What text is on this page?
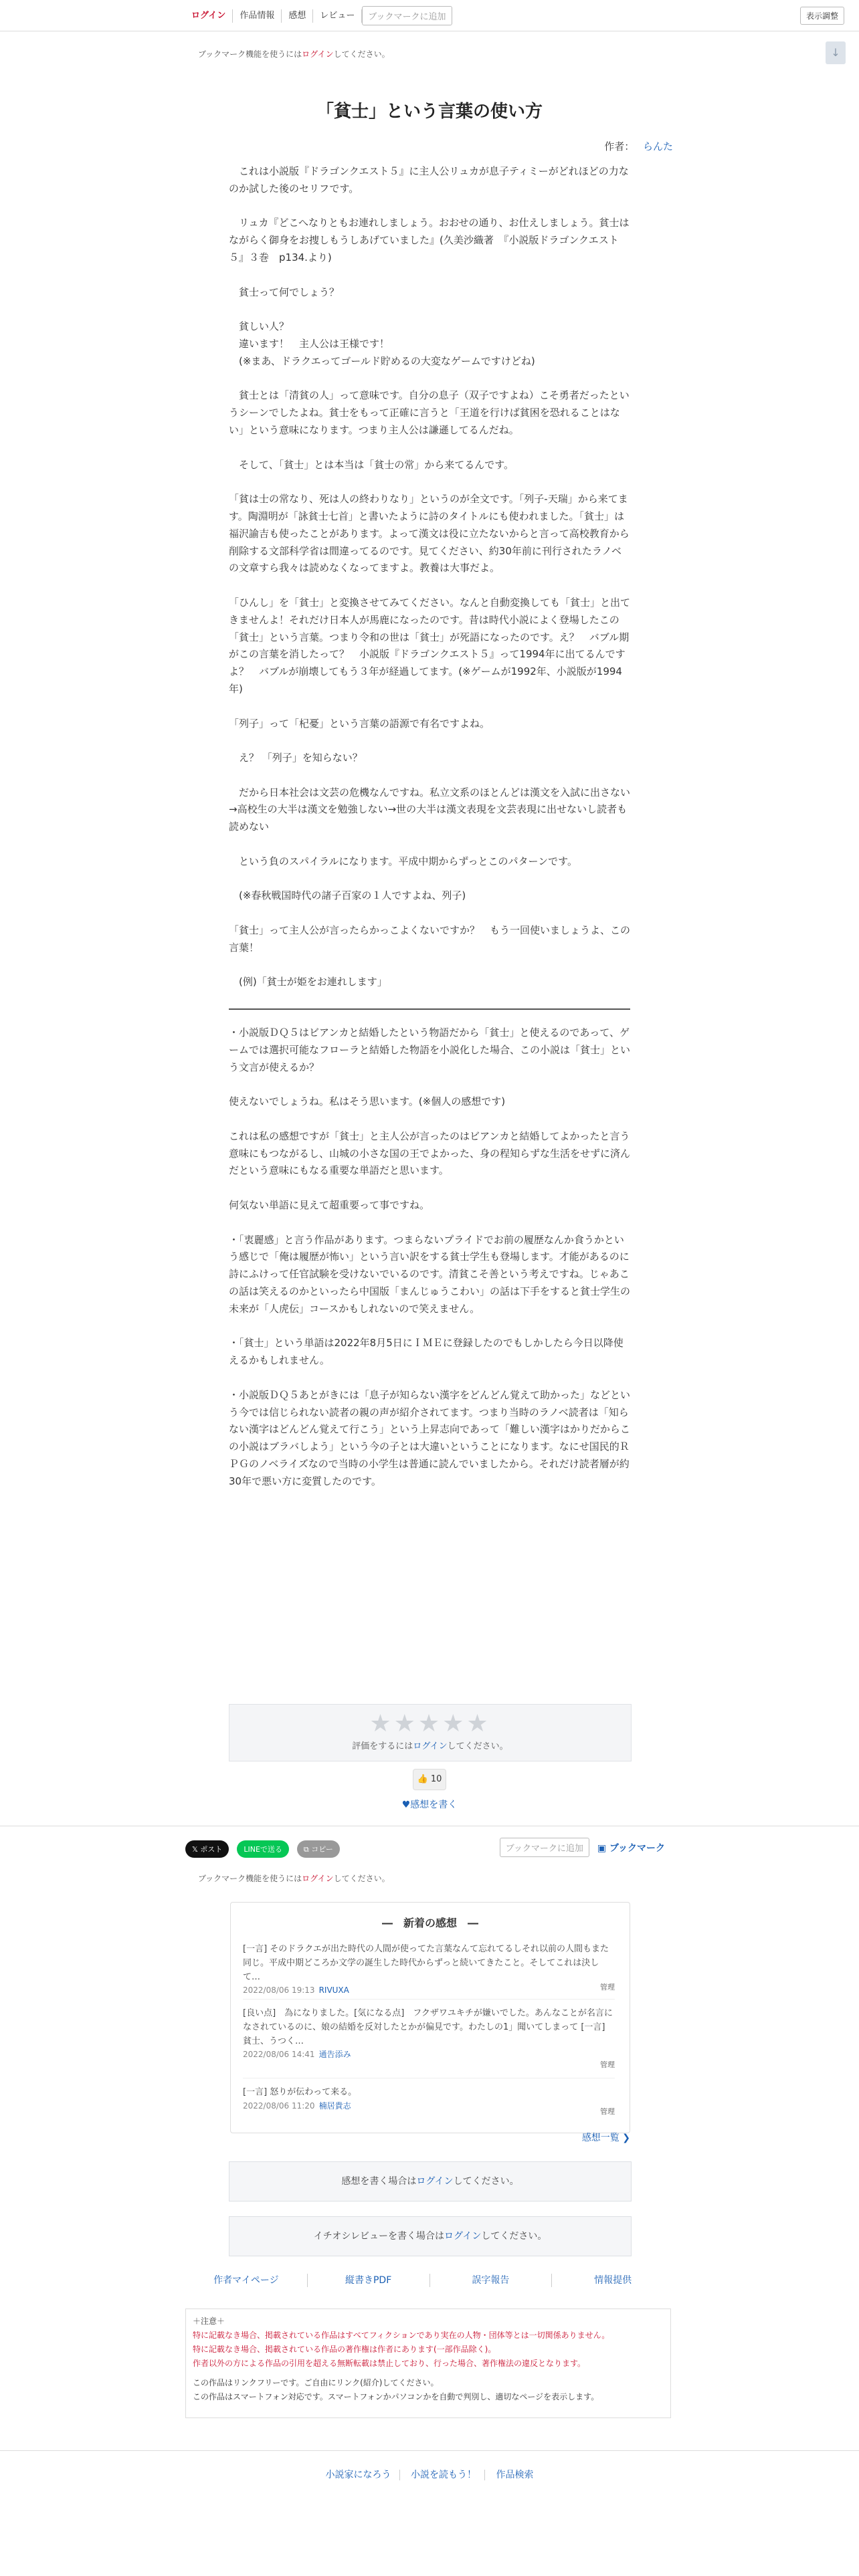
ログイン	作品情報	感想	レビュー	ブックマークに追加	表示調整
ブックマーク機能を使うにはログインしてください。	↓
「貧士」という言葉の使い方
作者： らんた

　これは小説版『ドラゴンクエスト５』に主人公リュカが息子ティミーがどれほどの力なのか試した後のセリフです。

　リュカ『どこへなりともお連れしましょう。おおせの通り、お仕えしましょう。貧士はながらく御身をお捜しもうしあげていました』(久美沙織著　『小説版ドラゴンクエスト５』３巻　p134.より)

　貧士って何でしょう？

　貧しい人？
　違います！　主人公は王様です！
　(※まあ、ドラクエってゴールド貯めるの大変なゲームですけどね)

　貧士とは「清貧の人」って意味です。自分の息子（双子ですよね）こそ勇者だったというシーンでしたよね。貧士をもって正確に言うと「王道を行けば貧困を恐れることはない」という意味になります。つまり主人公は謙遜してるんだね。

　そして、「貧士」とは本当は「貧士の常」から来てるんです。

「貧は士の常なり、死は人の終わりなり」というのが全文です。「列子-天瑞」から来てます。陶淵明が「詠貧士七首」と書いたように詩のタイトルにも使われました。「貧士」は福沢諭吉も使ったことがあります。よって漢文は役に立たないからと言って高校教育から削除する文部科学省は間違ってるのです。見てください、約30年前に刊行されたラノベの文章すら我々は読めなくなってますよ。教養は大事だよ。

「ひんし」を「貧士」と変換させてみてください。なんと自動変換しても「貧士」と出てきませんよ！それだけ日本人が馬鹿になったのです。昔は時代小説によく登場したこの「貧士」という言葉。つまり令和の世は「貧士」が死語になったのです。え？　バブル期がこの言葉を消したって？　小説版『ドラゴンクエスト５』って1994年に出てるんですよ？　バブルが崩壊してもう３年が経過してます。(※ゲームが1992年、小説版が1994年)

「列子」って「杞憂」という言葉の語源で有名ですよね。

　え？ 「列子」を知らない？

　だから日本社会は文芸の危機なんですね。私立文系のほとんどは漢文を入試に出さない→高校生の大半は漢文を勉強しない→世の大半は漢文表現を文芸表現に出せないし読者も読めない

　という負のスパイラルになります。平成中期からずっとこのパターンです。

　(※春秋戦国時代の諸子百家の１人ですよね、列子)

「貧士」って主人公が言ったらかっこよくないですか？　もう一回使いましょうよ、この言葉！

　(例)「貧士が姫をお連れします」

・小説版ＤＱ５はビアンカと結婚したという物語だから「貧士」と使えるのであって、ゲームでは選択可能なフローラと結婚した物語を小説化した場合、この小説は「貧士」という文言が使えるか？

使えないでしょうね。私はそう思います。(※個人の感想です)

これは私の感想ですが「貧士」と主人公が言ったのはビアンカと結婚してよかったと言う意味にもつながるし、山城の小さな国の王でよかった、身の程知らずな生活をせずに済んだという意味にもなる重要な単語だと思います。

何気ない単語に見えて超重要って事ですね。

・「衷麗感」と言う作品があります。つまらないプライドでお前の履歴なんか食うかという感じで「俺は履歴が怖い」という言い訳をする貧士学生も登場します。才能があるのに詩にふけって任官試験を受けないでいるのです。清貧こそ善という考えですね。じゃあこの話は笑えるのかといったら中国版「まんじゅうこわい」の話は下手をすると貧士学生の未来が「人虎伝」コースかもしれないので笑えません。

・「貧士」という単語は2022年8月5日にＩＭＥに登録したのでもしかしたら今日以降使えるかもしれません。

・小説版ＤＱ５あとがきには「息子が知らない漢字をどんどん覚えて助かった」などという今では信じられない読者の親の声が紹介されてます。つまり当時のラノベ読者は「知らない漢字はどんどん覚えて行こう」という上昇志向であって「難しい漢字はかりだからこの小説はブラバしよう」という今の子とは大違いということになります。なにせ国民的ＲＰＧのノベライズなので当時の小学生は普通に読んでいましたから。それだけ読者層が約30年で悪い方に変質したのです。

★★★★★
評価をするにはログインしてください。
👍 10
♥感想を書く
𝕏 ポスト	LINEで送る	⧉ コピー	ブックマークに追加	▣ ブックマーク
ブックマーク機能を使うにはログインしてください。
―　新着の感想　―
[一言] そのドラクエが出た時代の人間が使ってた言葉なんて忘れてるしそれ以前の人間もまた同じ。平成中期どころか文学の誕生した時代からずっと続いてきたこと。そしてこれは決して…
2022/08/06 19:13 RIVUXA	管理
[良い点]　為になりました。[気になる点]　フクザワユキチが嫌いでした。あんなことが名言になされているのに、娘の結婚を反対したとかが偏見です。わたしの1」聞いてしまって [一言]　貧士、うつく…
2022/08/06 14:41 通告添み
管理
[一言] 怒りが伝わって来る。
2022/08/06 11:20 楠居貴志
管理
感想一覧 ❯
感想を書く場合はログインしてください。
イチオシレビューを書く場合はログインしてください。
作者マイページ	縦書きPDF	誤字報告	情報提供
＋注意＋
特に記載なき場合、掲載されている作品はすべてフィクションであり実在の人物・団体等とは一切関係ありません。
特に記載なき場合、掲載されている作品の著作権は作者にあります(一部作品除く)。
作者以外の方による作品の引用を超える無断転載は禁止しており、行った場合、著作権法の違反となります。
この作品はリンクフリーです。ご自由にリンク(紹介)してください。
この作品はスマートフォン対応です。スマートフォンかパソコンかを自動で判別し、適切なページを表示します。
小説家になろう 小説を読もう！ 作品検索
